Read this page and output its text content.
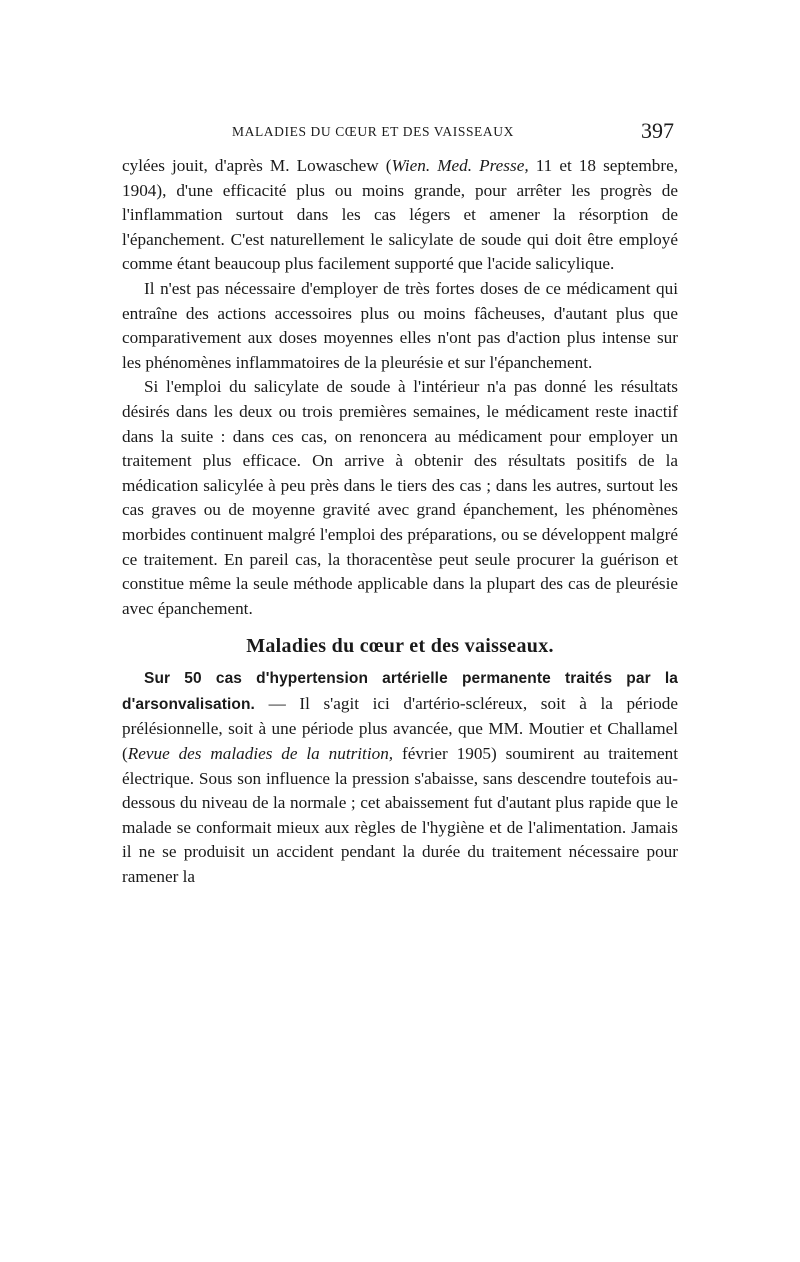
MALADIES DU CŒUR ET DES VAISSEAUX	397

cylées jouit, d'après M. Lowaschew (Wien. Med. Presse, 11 et 18 septembre, 1904), d'une efficacité plus ou moins grande, pour arrêter les progrès de l'inflammation surtout dans les cas légers et amener la résorption de l'épanchement. C'est naturellement le salicylate de soude qui doit être employé comme étant beaucoup plus facilement supporté que l'acide salicylique.

Il n'est pas nécessaire d'employer de très fortes doses de ce médicament qui entraîne des actions accessoires plus ou moins fâcheuses, d'autant plus que comparativement aux doses moyennes elles n'ont pas d'action plus intense sur les phénomènes inflammatoires de la pleurésie et sur l'épanchement.

Si l'emploi du salicylate de soude à l'intérieur n'a pas donné les résultats désirés dans les deux ou trois premières semaines, le médicament reste inactif dans la suite : dans ces cas, on renoncera au médicament pour employer un traitement plus efficace. On arrive à obtenir des résultats positifs de la médication salicylée à peu près dans le tiers des cas ; dans les autres, surtout les cas graves ou de moyenne gravité avec grand épanchement, les phénomènes morbides continuent malgré l'emploi des préparations, ou se développent malgré ce traitement. En pareil cas, la thoracentèse peut seule procurer la guérison et constitue même la seule méthode applicable dans la plupart des cas de pleurésie avec épanchement.

Maladies du cœur et des vaisseaux.

Sur 50 cas d'hypertension artérielle permanente traités par la d'arsonvalisation. — Il s'agit ici d'artério-scléreux, soit à la période prélésionnelle, soit à une période plus avancée, que MM. Moutier et Challamel (Revue des maladies de la nutrition, février 1905) soumirent au traitement électrique. Sous son influence la pression s'abaisse, sans descendre toutefois au-dessous du niveau de la normale ; cet abaissement fut d'autant plus rapide que le malade se conformait mieux aux règles de l'hygiène et de l'alimentation. Jamais il ne se produisit un accident pendant la durée du traitement nécessaire pour ramener la
